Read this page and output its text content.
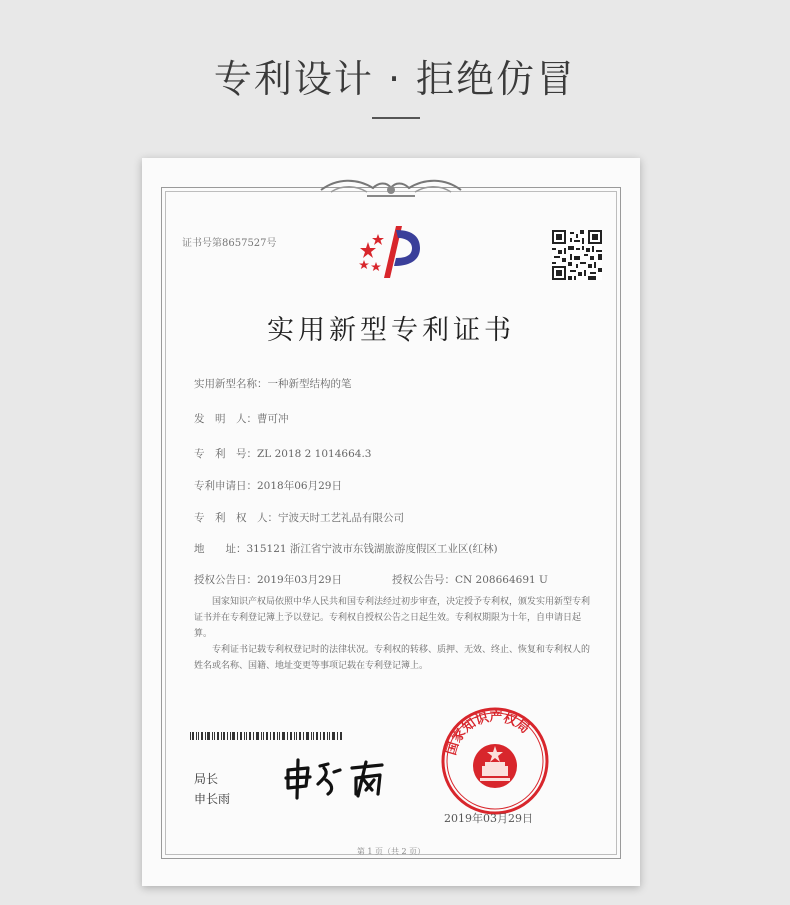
专利设计 · 拒绝仿冒
证书号第8657527号
实用新型专利证书
实用新型名称：一种新型结构的笔
发　明　人：曹可冲
专　利　号：ZL 2018 2 1014664.3
专利申请日：2018年06月29日
专　利　权　人：宁波天时工艺礼品有限公司
地　　址：315121 浙江省宁波市东钱湖旅游度假区工业区(红林)
授权公告日：2019年03月29日	授权公告号：CN 208664691 U

国家知识产权局依照中华人民共和国专利法经过初步审查，决定授予专利权，颁发实用新型专利证书并在专利登记簿上予以登记。专利权自授权公告之日起生效。专利权期限为十年，自申请日起算。

专利证书记载专利权登记时的法律状况。专利权的转移、质押、无效、终止、恢复和专利权人的姓名或名称、国籍、地址变更等事项记载在专利登记簿上。

局长
申长雨
国家知识产权局
2019年03月29日
第 1 页（共 2 页）
